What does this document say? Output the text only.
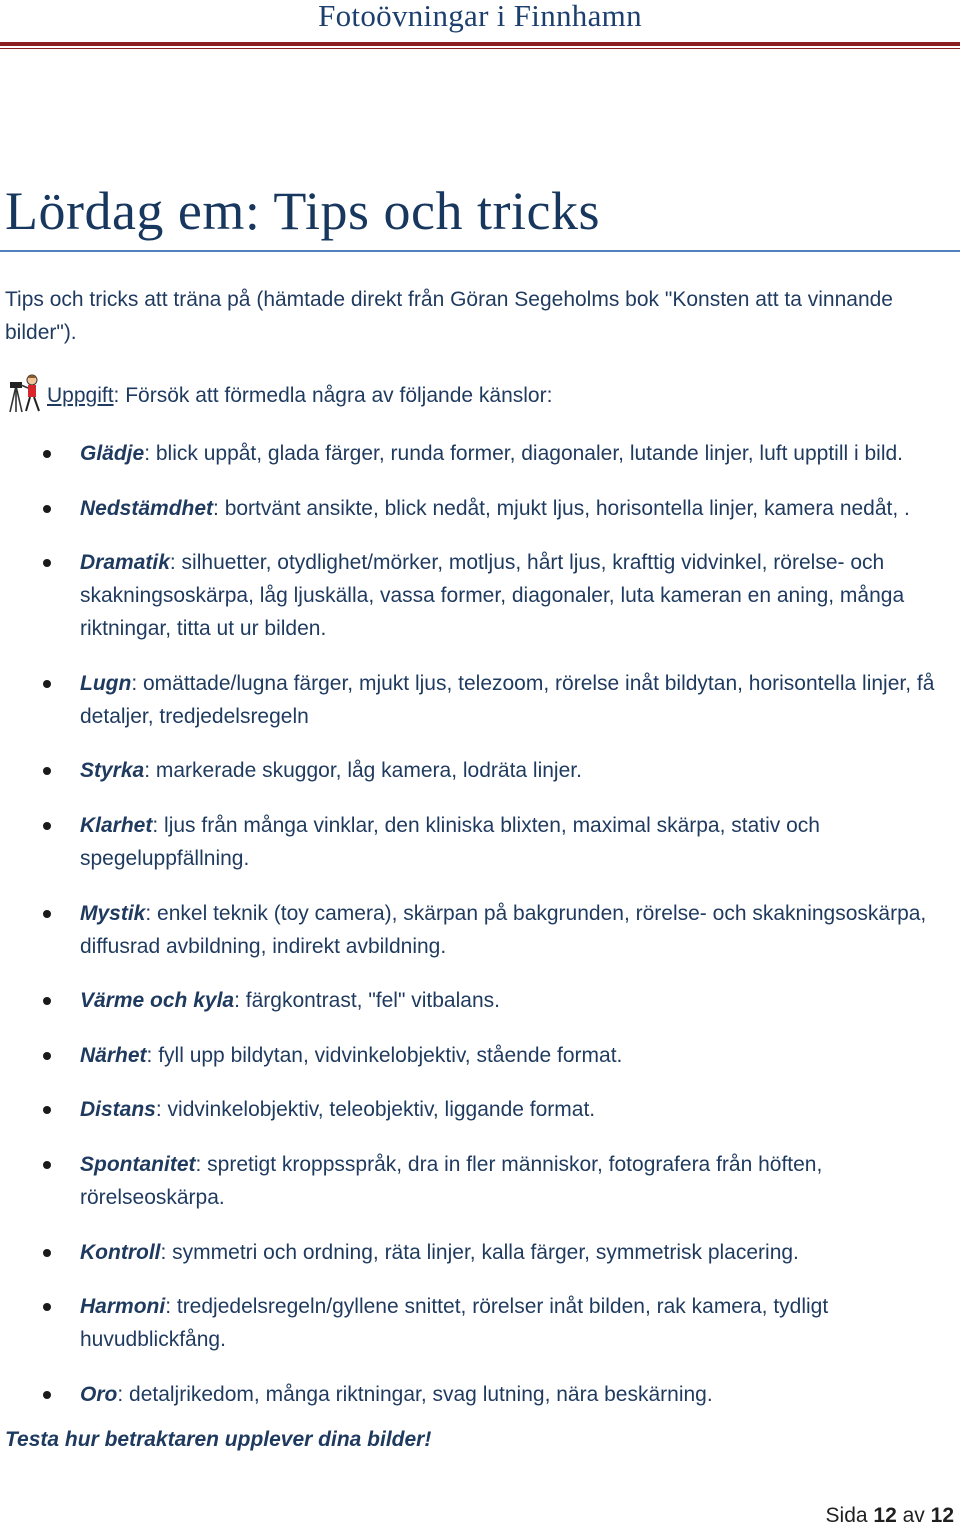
Fotoövningar i Finnhamn
Lördag em: Tips och tricks
Tips och tricks att träna på (hämtade direkt från Göran Segeholms bok "Konsten att ta vinnande bilder").
Uppgift: Försök att förmedla några av följande känslor:
Glädje: blick uppåt, glada färger, runda former, diagonaler, lutande linjer, luft upptill i bild.
Nedstämdhet: bortvänt ansikte, blick nedåt, mjukt ljus, horisontella linjer, kamera nedåt, .
Dramatik: silhuetter, otydlighet/mörker, motljus, hårt ljus, krafttig vidvinkel, rörelse- och skakningsoskärpa, låg ljuskälla, vassa former, diagonaler, luta kameran en aning, många riktningar, titta ut ur bilden.
Lugn: omättade/lugna färger, mjukt ljus, telezoom, rörelse inåt bildytan, horisontella linjer, få detaljer, tredjedelsregeln
Styrka: markerade skuggor, låg kamera, lodräta linjer.
Klarhet: ljus från många vinklar, den kliniska blixten, maximal skärpa, stativ och spegeluppfällning.
Mystik: enkel teknik (toy camera), skärpan på bakgrunden, rörelse- och skakningsoskärpa, diffusrad avbildning, indirekt avbildning.
Värme och kyla: färgkontrast, "fel" vitbalans.
Närhet: fyll upp bildytan, vidvinkelobjektiv, stående format.
Distans: vidvinkelobjektiv, teleobjektiv, liggande format.
Spontanitet: spretigt kroppsspråk, dra in fler människor, fotografera från höften, rörelseoskärpa.
Kontroll: symmetri och ordning, räta linjer, kalla färger, symmetrisk placering.
Harmoni: tredjedelsregeln/gyllene snittet, rörelser inåt bilden, rak kamera, tydligt huvudblickfång.
Oro: detaljrikedom, många riktningar, svag lutning, nära beskärning.
Testa hur betraktaren upplever dina bilder!
Sida 12 av 12
